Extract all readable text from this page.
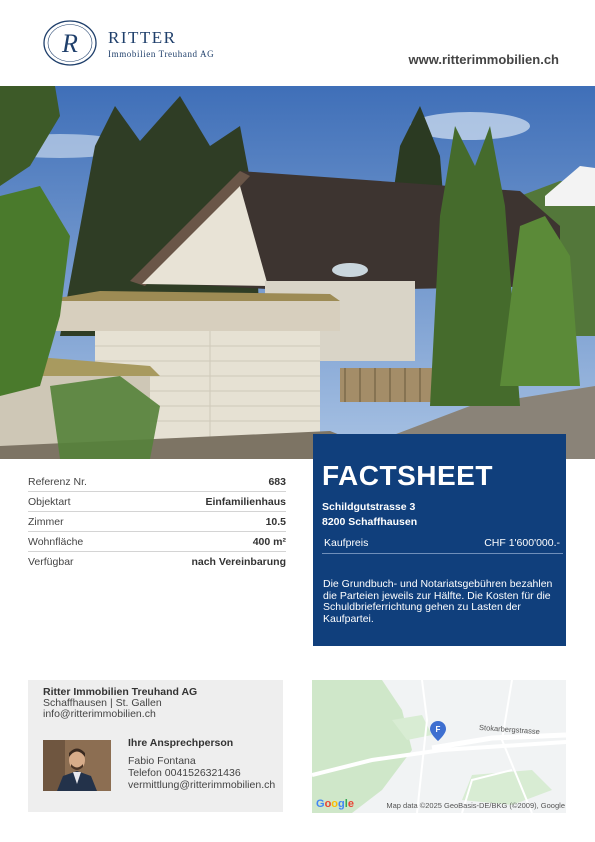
R RITTER
Immobilien Treuhand AG	www.ritterimmobilien.ch
Referenz Nr.	683
Objektart	Einfamilienhaus
Zimmer	10.5
Wohnfläche	400 m²
Verfügbar	nach Vereinbarung
FACTSHEET
Schildgutstrasse 3
8200 Schaffhausen
Kaufpreis	CHF 1'600'000.-
Die Grundbuch- und Notariatsgebühren bezahlen die Parteien jeweils zur Hälfte. Die Kosten für die Schuldbrieferrichtung gehen zu Lasten der Kaufpartei.
Ritter Immobilien Treuhand AG
Schaffhausen | St. Gallen
info@ritterimmobilien.ch
Ihre Ansprechperson
Fabio Fontana
Telefon 0041526321436
vermittlung@ritterimmobilien.ch
F	Stokarbergstrasse
Google	Map data ©2025 GeoBasis-DE/BKG (©2009), Google
